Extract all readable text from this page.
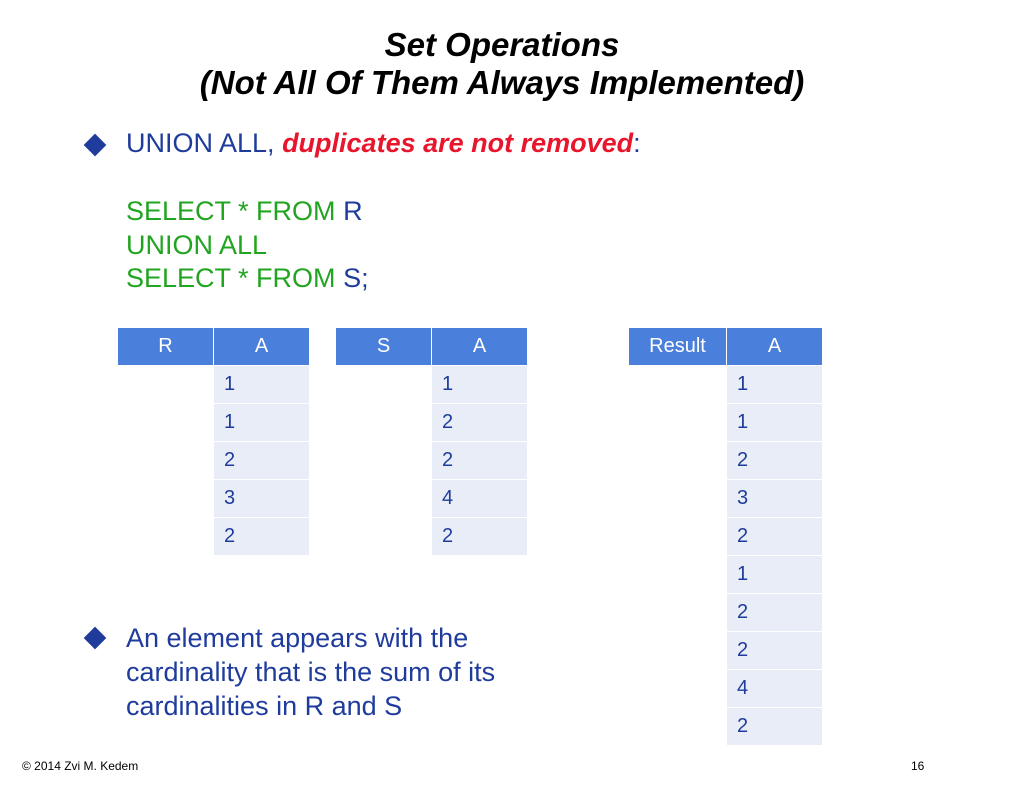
Set Operations
(Not All Of Them Always Implemented)
UNION ALL, duplicates are not removed:
SELECT * FROM R
UNION ALL
SELECT * FROM S;
R	A
	1
	1
	2
	3
	2
S	A
	1
	2
	2
	4
	2
Result	A
	1
	1
	2
	3
	2
	1
	2
	2
	4
	2
An element appears with the cardinality that is the sum of its cardinalities in R and S
© 2014 Zvi M. Kedem	16
